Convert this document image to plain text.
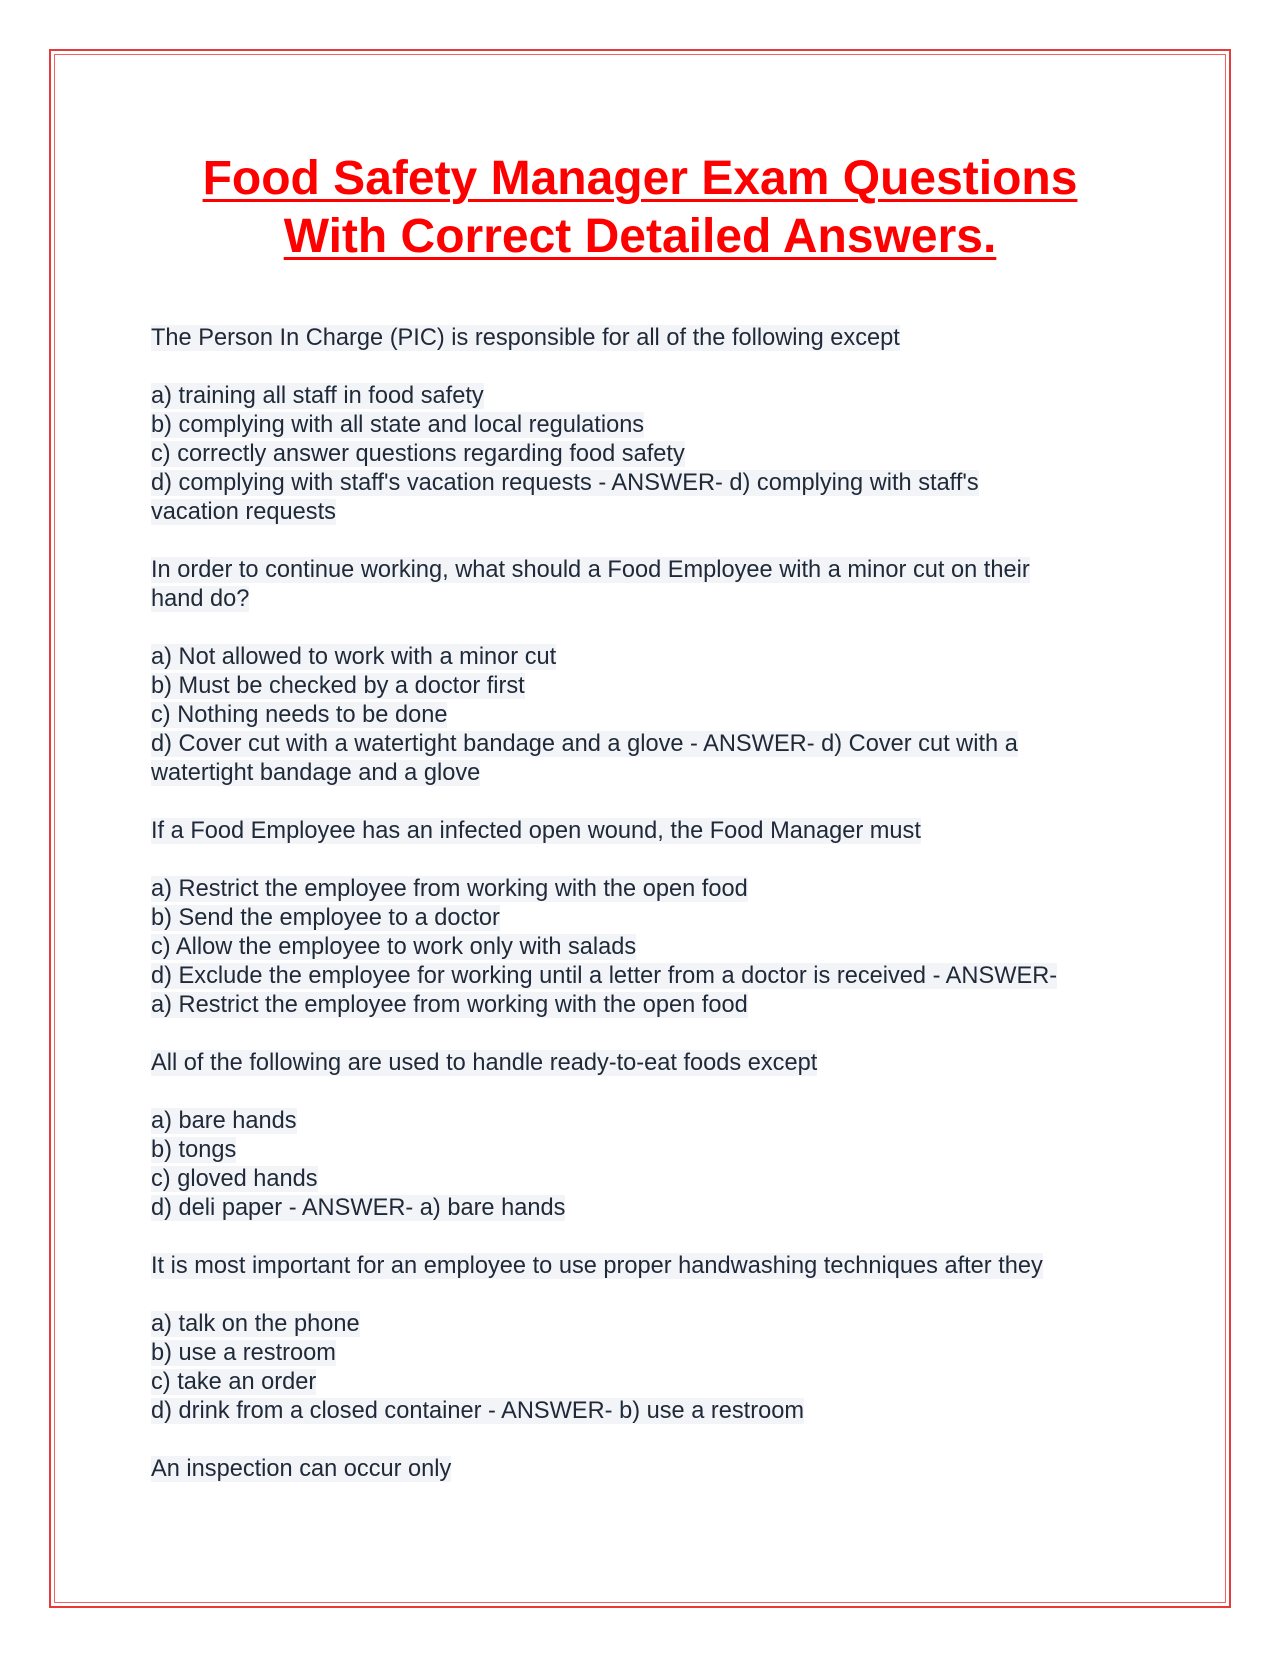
Food Safety Manager Exam Questions
With Correct Detailed Answers.
The Person In Charge (PIC) is responsible for all of the following except
a) training all staff in food safety
b) complying with all state and local regulations
c) correctly answer questions regarding food safety
d) complying with staff's vacation requests - ANSWER- d) complying with staff's
vacation requests
In order to continue working, what should a Food Employee with a minor cut on their
hand do?
a) Not allowed to work with a minor cut
b) Must be checked by a doctor first
c) Nothing needs to be done
d) Cover cut with a watertight bandage and a glove - ANSWER- d) Cover cut with a
watertight bandage and a glove
If a Food Employee has an infected open wound, the Food Manager must
a) Restrict the employee from working with the open food
b) Send the employee to a doctor
c) Allow the employee to work only with salads
d) Exclude the employee for working until a letter from a doctor is received - ANSWER-
a) Restrict the employee from working with the open food
All of the following are used to handle ready-to-eat foods except
a) bare hands
b) tongs
c) gloved hands
d) deli paper - ANSWER- a) bare hands
It is most important for an employee to use proper handwashing techniques after they
a) talk on the phone
b) use a restroom
c) take an order
d) drink from a closed container - ANSWER- b) use a restroom
An inspection can occur only
